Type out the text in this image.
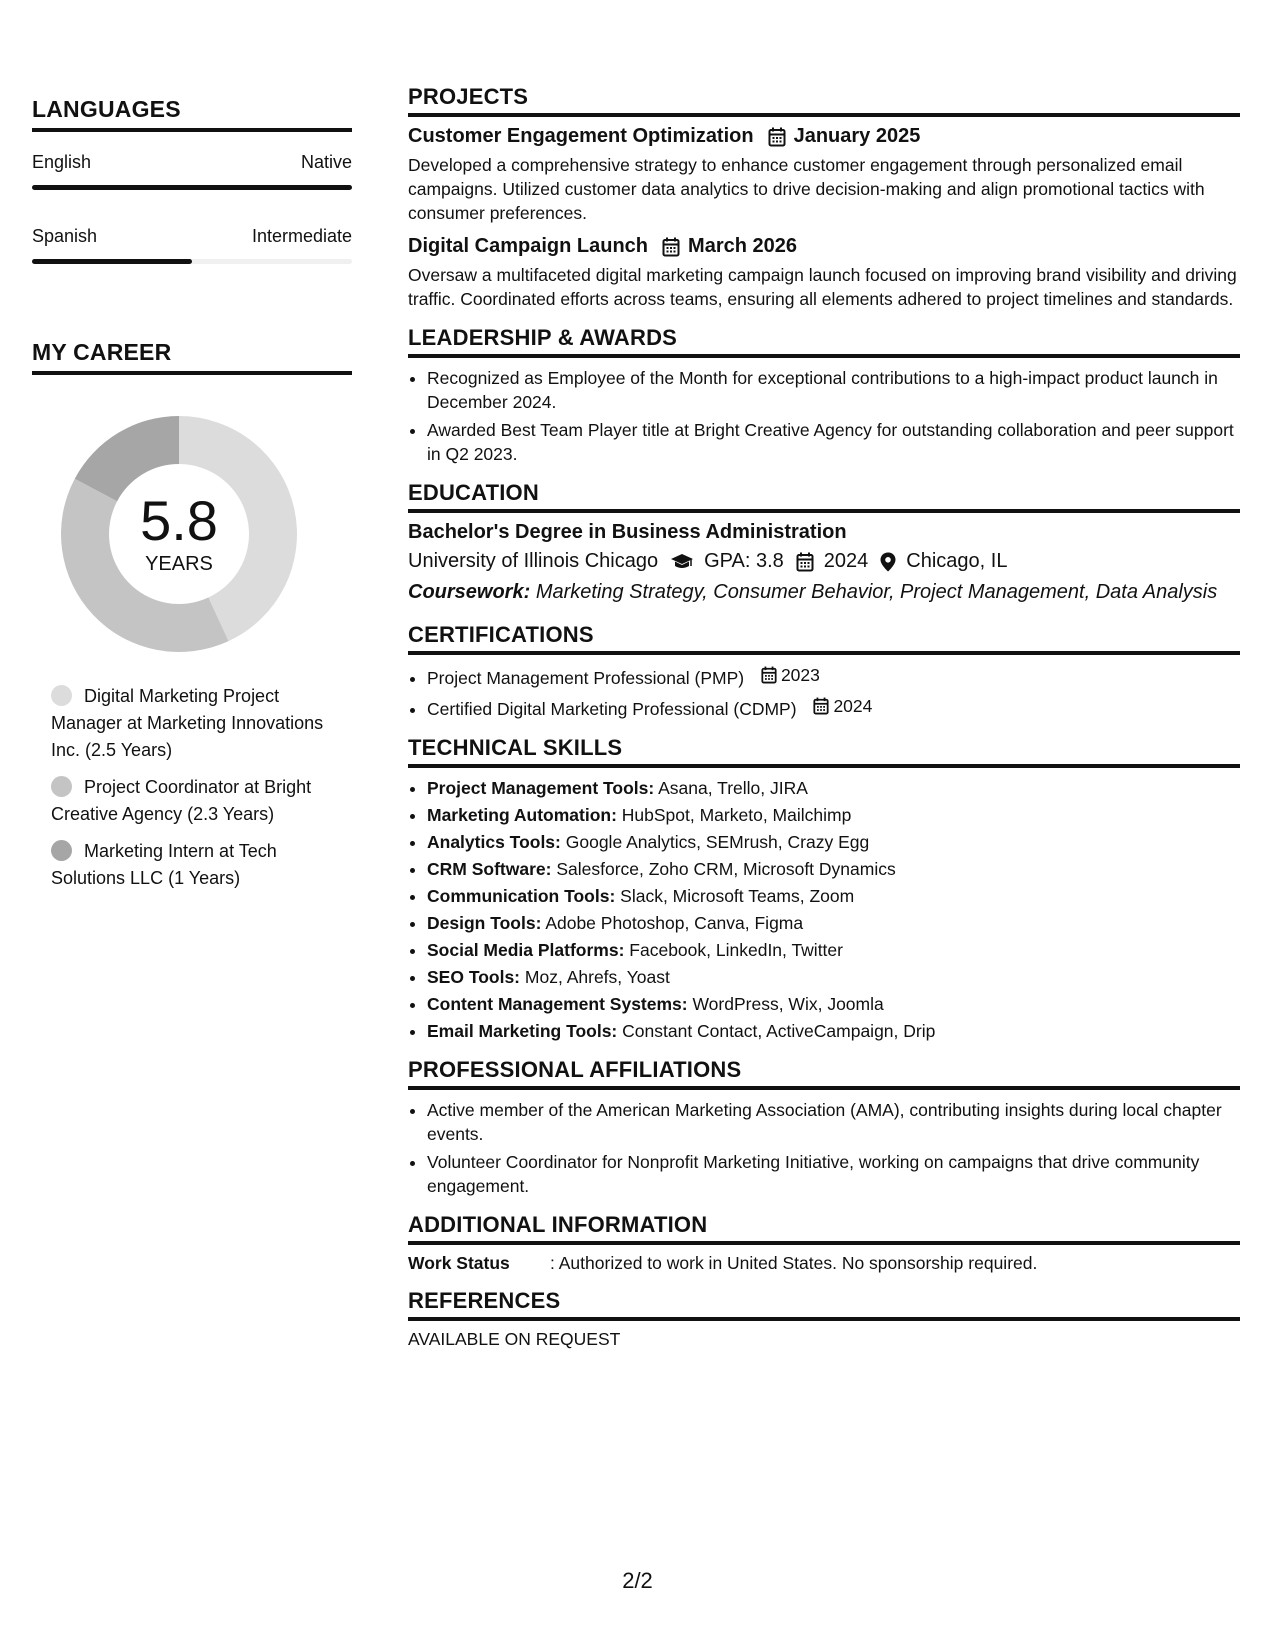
LANGUAGES
English	Native
Spanish	Intermediate
MY CAREER
5.8
YEARS
Digital Marketing Project Manager at Marketing Innovations Inc. (2.5 Years)
Project Coordinator at Bright Creative Agency (2.3 Years)
Marketing Intern at Tech Solutions LLC (1 Years)
PROJECTS
Customer Engagement Optimization January 2025
Developed a comprehensive strategy to enhance customer engagement through personalized email campaigns. Utilized customer data analytics to drive decision-making and align promotional tactics with consumer preferences.
Digital Campaign Launch March 2026
Oversaw a multifaceted digital marketing campaign launch focused on improving brand visibility and driving traffic. Coordinated efforts across teams, ensuring all elements adhered to project timelines and standards.
LEADERSHIP & AWARDS
• Recognized as Employee of the Month for exceptional contributions to a high-impact product launch in December 2024.
• Awarded Best Team Player title at Bright Creative Agency for outstanding collaboration and peer support in Q2 2023.
EDUCATION
Bachelor's Degree in Business Administration
University of Illinois Chicago GPA: 3.8 2024 Chicago, IL
Coursework: Marketing Strategy, Consumer Behavior, Project Management, Data Analysis
CERTIFICATIONS
• Project Management Professional (PMP) 2023
• Certified Digital Marketing Professional (CDMP) 2024
TECHNICAL SKILLS
• Project Management Tools: Asana, Trello, JIRA
• Marketing Automation: HubSpot, Marketo, Mailchimp
• Analytics Tools: Google Analytics, SEMrush, Crazy Egg
• CRM Software: Salesforce, Zoho CRM, Microsoft Dynamics
• Communication Tools: Slack, Microsoft Teams, Zoom
• Design Tools: Adobe Photoshop, Canva, Figma
• Social Media Platforms: Facebook, LinkedIn, Twitter
• SEO Tools: Moz, Ahrefs, Yoast
• Content Management Systems: WordPress, Wix, Joomla
• Email Marketing Tools: Constant Contact, ActiveCampaign, Drip
PROFESSIONAL AFFILIATIONS
• Active member of the American Marketing Association (AMA), contributing insights during local chapter events.
• Volunteer Coordinator for Nonprofit Marketing Initiative, working on campaigns that drive community engagement.
ADDITIONAL INFORMATION
Work Status	: Authorized to work in United States. No sponsorship required.
REFERENCES
AVAILABLE ON REQUEST
2/2
